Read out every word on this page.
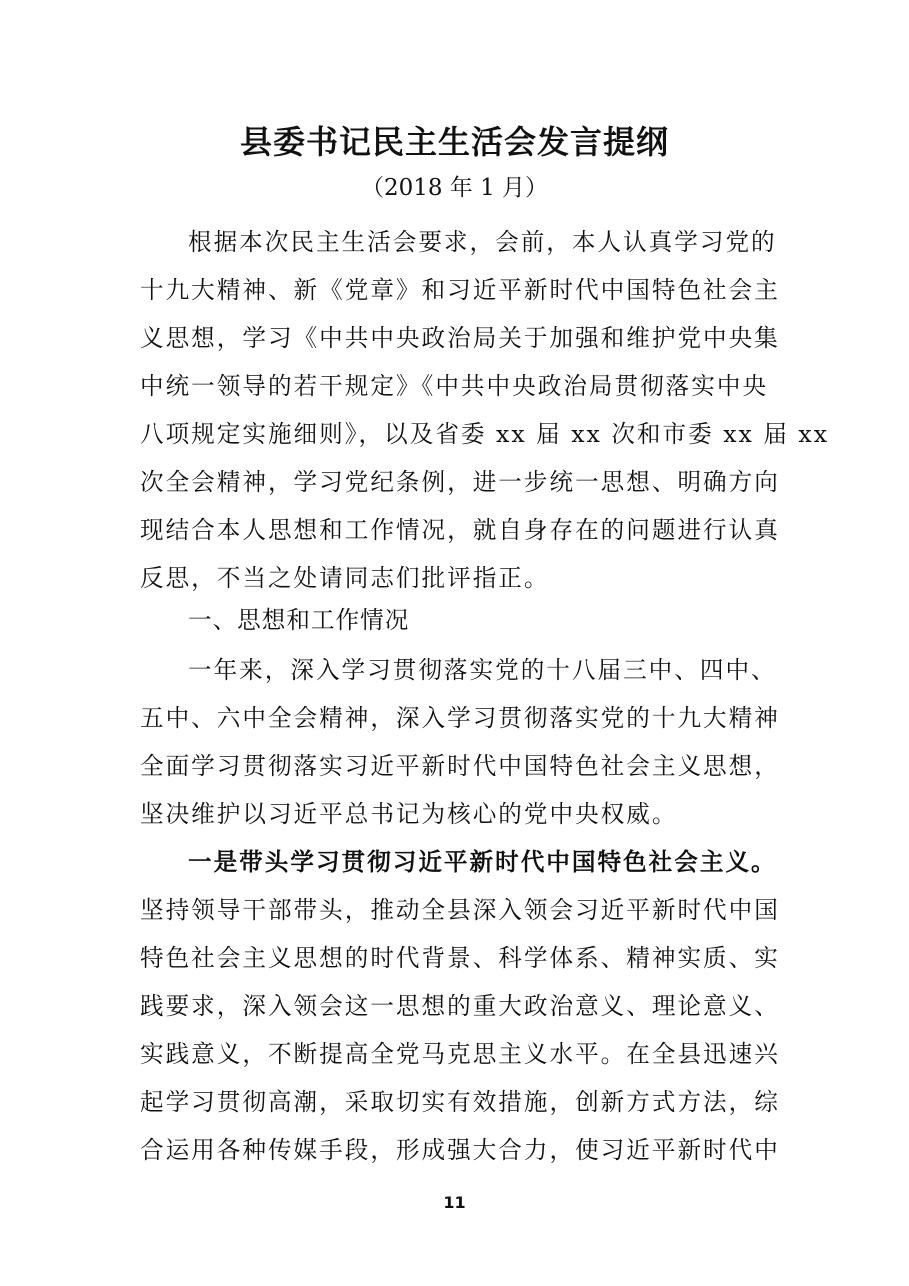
县委书记民主生活会发言提纲
（2018 年 1 月）
根据本次民主生活会要求，会前，本人认真学习党的
十九大精神、新《党章》和习近平新时代中国特色社会主
义思想，学习《中共中央政治局关于加强和维护党中央集
中统一领导的若干规定》《中共中央政治局贯彻落实中央
八项规定实施细则》，以及省委 xx 届 xx 次和市委 xx 届 xx
次全会精神，学习党纪条例，进一步统一思想、明确方向
现结合本人思想和工作情况，就自身存在的问题进行认真
反思，不当之处请同志们批评指正。
一、思想和工作情况
一年来，深入学习贯彻落实党的十八届三中、四中、
五中、六中全会精神，深入学习贯彻落实党的十九大精神
全面学习贯彻落实习近平新时代中国特色社会主义思想，
坚决维护以习近平总书记为核心的党中央权威。
一是带头学习贯彻习近平新时代中国特色社会主义。
坚持领导干部带头，推动全县深入领会习近平新时代中国
特色社会主义思想的时代背景、科学体系、精神实质、实
践要求，深入领会这一思想的重大政治意义、理论意义、
实践意义，不断提高全党马克思主义水平。在全县迅速兴
起学习贯彻高潮，采取切实有效措施，创新方式方法，综
合运用各种传媒手段，形成强大合力，使习近平新时代中
11
